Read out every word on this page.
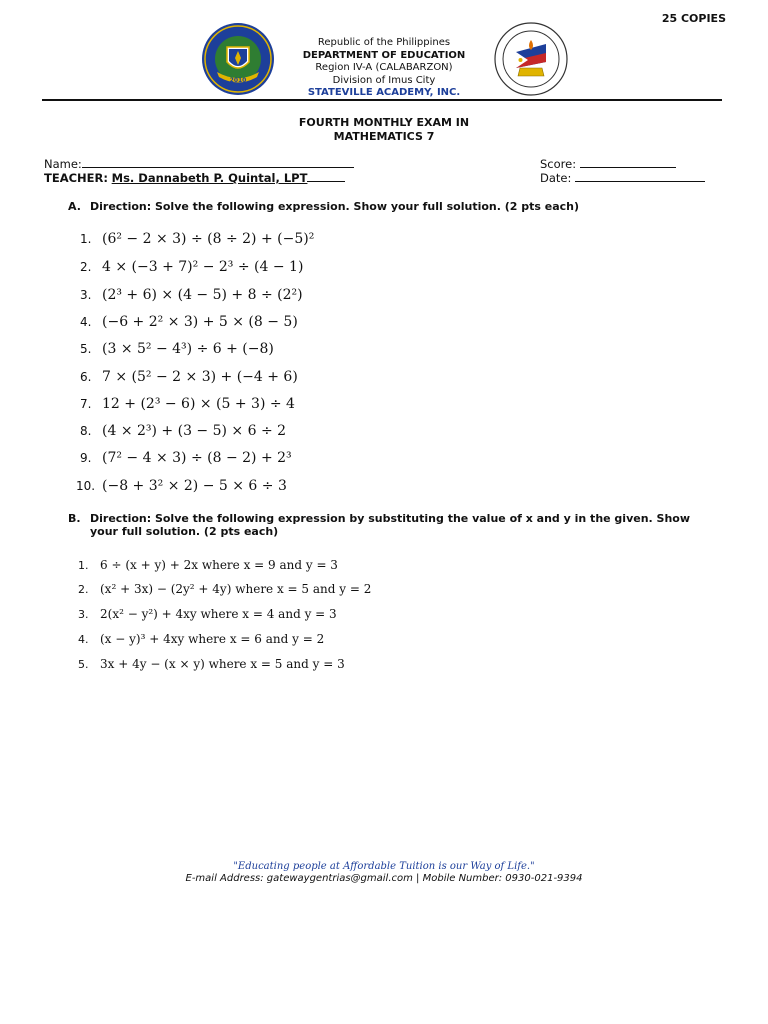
25 COPIES
2010
Republic of the Philippines
DEPARTMENT OF EDUCATION
Region IV-A (CALABARZON)
Division of Imus City
STATEVILLE ACADEMY, INC.
FOURTH MONTHLY EXAM IN
MATHEMATICS 7
Name:
TEACHER: Ms. Dannabeth P. Quintal, LPT
Score:
Date:
A. Direction: Solve the following expression. Show your full solution. (2 pts each)
1. (6² − 2 × 3) ÷ (8 ÷ 2) + (−5)²
2. 4 × (−3 + 7)² − 2³ ÷ (4 − 1)
3. (2³ + 6) × (4 − 5) + 8 ÷ (2²)
4. (−6 + 2² × 3) + 5 × (8 − 5)
5. (3 × 5² − 4³) ÷ 6 + (−8)
6. 7 × (5² − 2 × 3) + (−4 + 6)
7. 12 + (2³ − 6) × (5 + 3) ÷ 4
8. (4 × 2³) + (3 − 5) × 6 ÷ 2
9. (7² − 4 × 3) ÷ (8 − 2) + 2³
10. (−8 + 3² × 2) − 5 × 6 ÷ 3
B. Direction: Solve the following expression by substituting the value of x and y in the given. Show
your full solution. (2 pts each)
1. 6 ÷ (x + y) + 2x where x = 9 and y = 3
2. (x² + 3x) − (2y² + 4y) where x = 5 and y = 2
3. 2(x² − y²) + 4xy where x = 4 and y = 3
4. (x − y)³ + 4xy where x = 6 and y = 2
5. 3x + 4y − (x × y) where x = 5 and y = 3
"Educating people at Affordable Tuition is our Way of Life."
E-mail Address: gatewaygentrias@gmail.com | Mobile Number: 0930-021-9394
